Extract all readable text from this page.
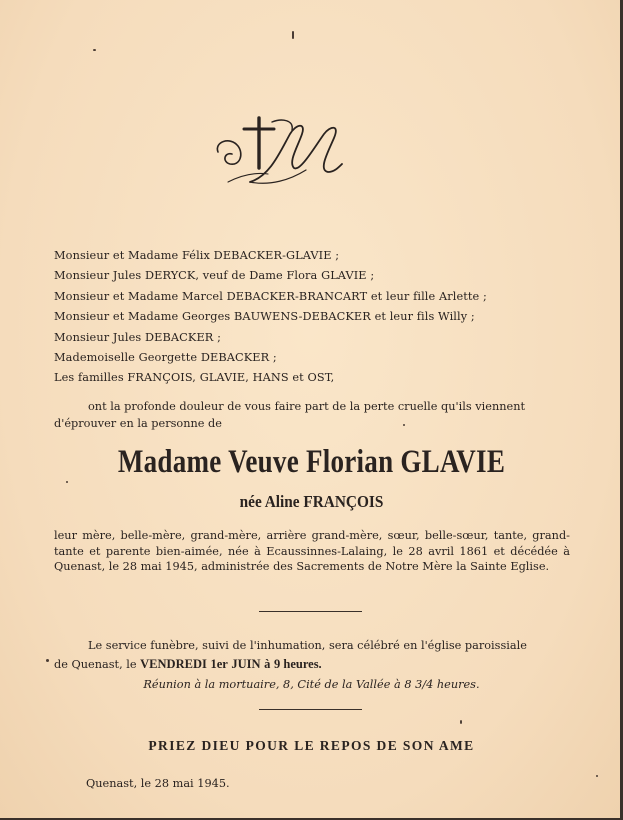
Monsieur et Madame Félix DEBACKER-GLAVIE ;
Monsieur Jules DERYCK, veuf de Dame Flora GLAVIE ;
Monsieur et Madame Marcel DEBACKER-BRANCART et leur fille Arlette ;
Monsieur et Madame Georges BAUWENS-DEBACKER et leur fils Willy ;
Monsieur Jules DEBACKER ;
Mademoiselle Georgette DEBACKER ;
Les familles FRANÇOIS, GLAVIE, HANS et OST,
ont la profonde douleur de vous faire part de la perte cruelle qu'ils viennent
d'éprouver en la personne de
Madame Veuve Florian GLAVIE
née Aline FRANÇOIS
leur mère, belle-mère, grand-mère, arrière grand-mère, sœur, belle-sœur, tante, grand-tante et parente bien-aimée, née à Ecaussinnes-Lalaing, le 28 avril 1861 et décédée à Quenast, le 28 mai 1945, administrée des Sacrements de Notre Mère la Sainte Eglise.
Le service funèbre, suivi de l'inhumation, sera célébré en l'église paroissiale
de Quenast, le VENDREDI 1er JUIN à 9 heures.
Réunion à la mortuaire, 8, Cité de la Vallée à 8 3/4 heures.
PRIEZ DIEU POUR LE REPOS DE SON AME
Quenast, le 28 mai 1945.
